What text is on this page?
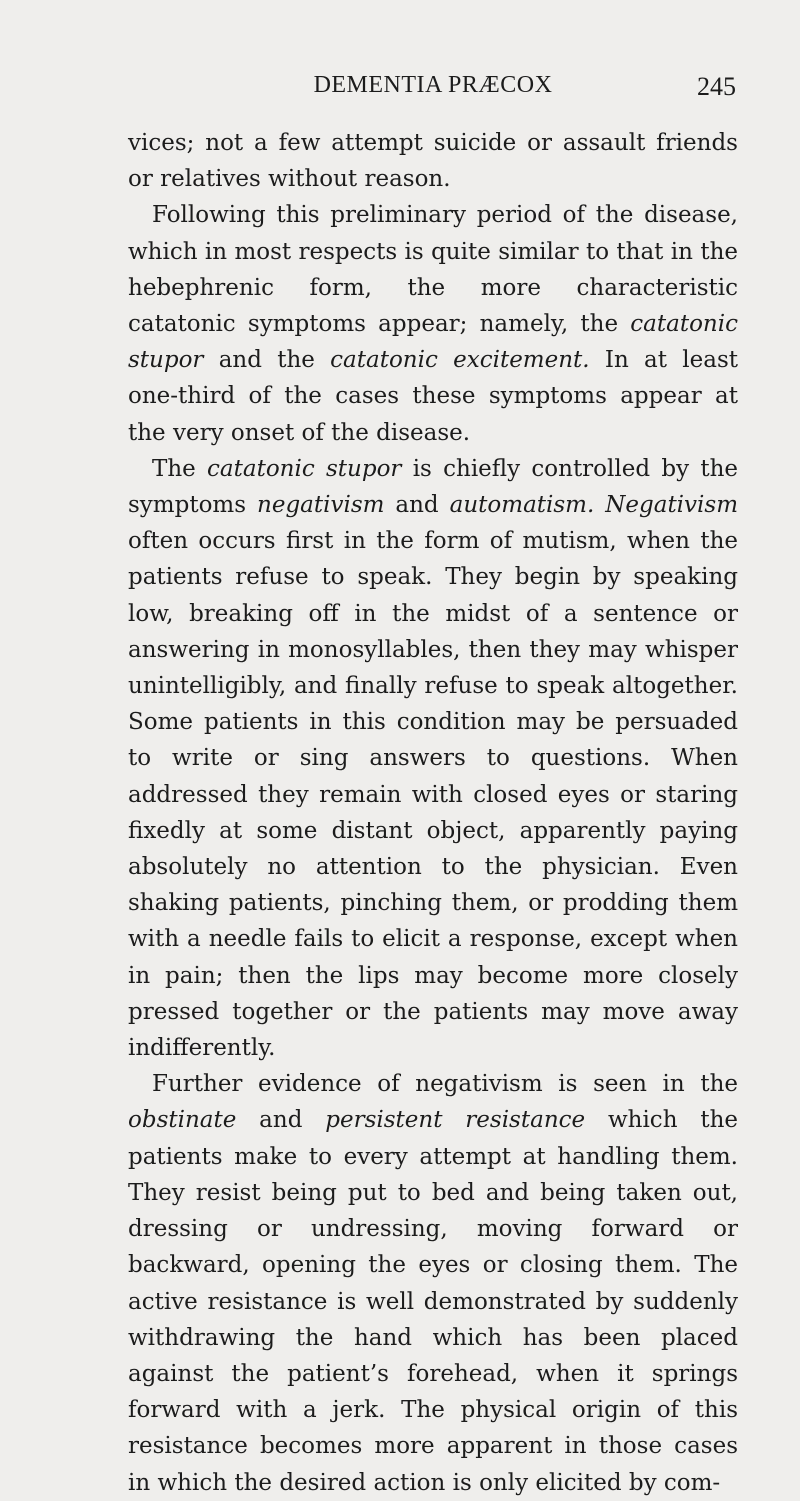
DEMENTIA PRÆCOX	245

vices; not a few attempt suicide or assault friends or relatives without reason.

Following this preliminary period of the disease, which in most respects is quite similar to that in the hebephrenic form, the more characteristic catatonic symptoms appear; namely, the catatonic stupor and the catatonic excitement. In at least one-third of the cases these symptoms appear at the very onset of the disease.

The catatonic stupor is chiefly controlled by the symptoms negativism and automatism. Negativism often occurs first in the form of mutism, when the patients refuse to speak. They begin by speaking low, breaking off in the midst of a sentence or answering in monosyllables, then they may whisper unintelligibly, and finally refuse to speak altogether. Some patients in this condition may be persuaded to write or sing answers to questions. When addressed they remain with closed eyes or staring fixedly at some distant object, apparently paying absolutely no attention to the physician. Even shaking patients, pinching them, or prodding them with a needle fails to elicit a response, except when in pain; then the lips may become more closely pressed together or the patients may move away indifferently.

Further evidence of negativism is seen in the obstinate and persistent resistance which the patients make to every attempt at handling them. They resist being put to bed and being taken out, dressing or undressing, moving forward or backward, opening the eyes or closing them. The active resistance is well demonstrated by suddenly withdrawing the hand which has been placed against the patient’s forehead, when it springs forward with a jerk. The physical origin of this resistance becomes more apparent in those cases in which the desired action is only elicited by com-
